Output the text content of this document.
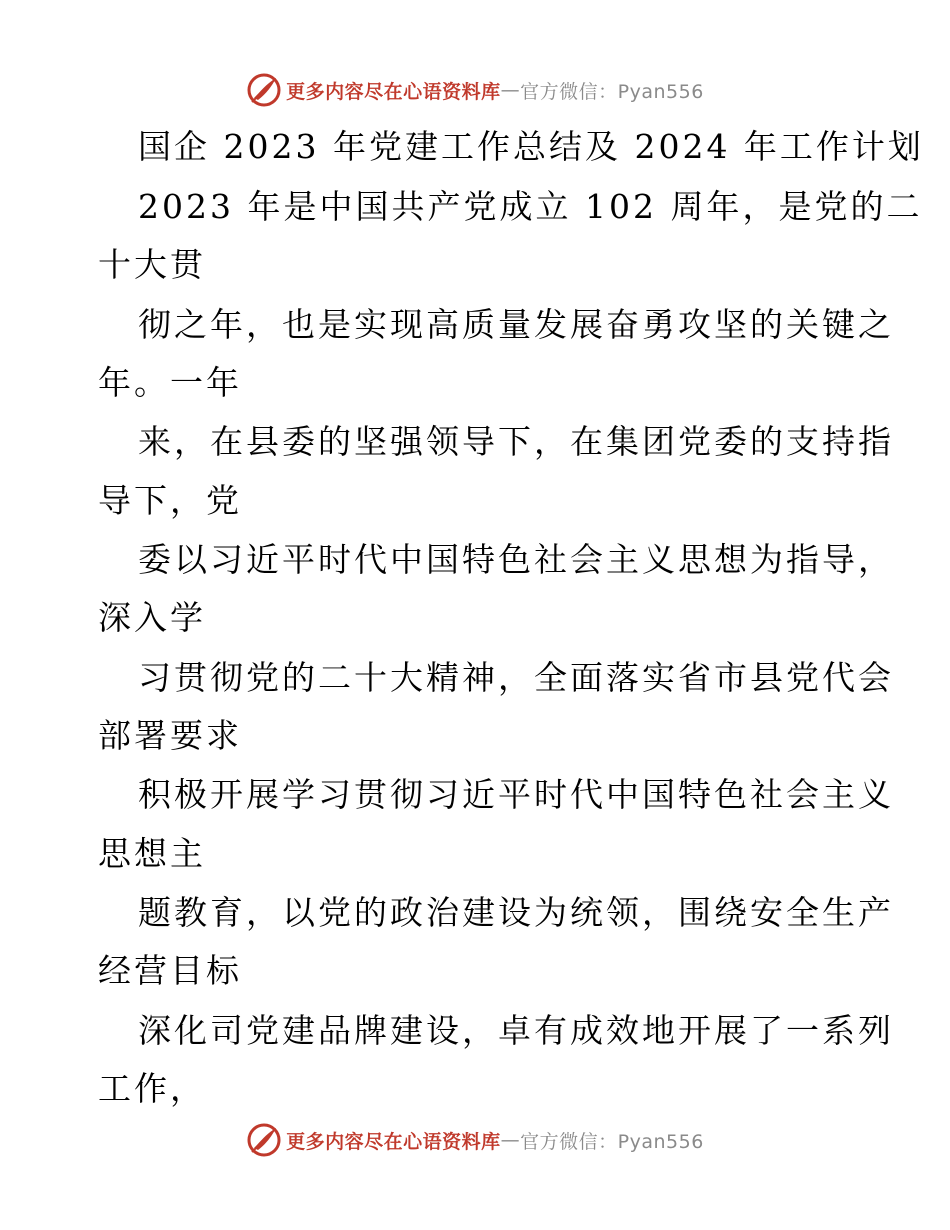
更多内容尽在心语资料库 — 官方微信：Pyan556
国企 2023 年党建工作总结及 2024 年工作计划
2023 年是中国共产党成立 102 周年，是党的二
十大贯
彻之年，也是实现高质量发展奋勇攻坚的关键之
年。一年
来，在县委的坚强领导下，在集团党委的支持指
导下，党
委以习近平时代中国特色社会主义思想为指导，
深入学
习贯彻党的二十大精神，全面落实省市县党代会
部署要求
积极开展学习贯彻习近平时代中国特色社会主义
思想主
题教育，以党的政治建设为统领，围绕安全生产
经营目标
深化司党建品牌建设，卓有成效地开展了一系列
工作，
更多内容尽在心语资料库 — 官方微信：Pyan556
